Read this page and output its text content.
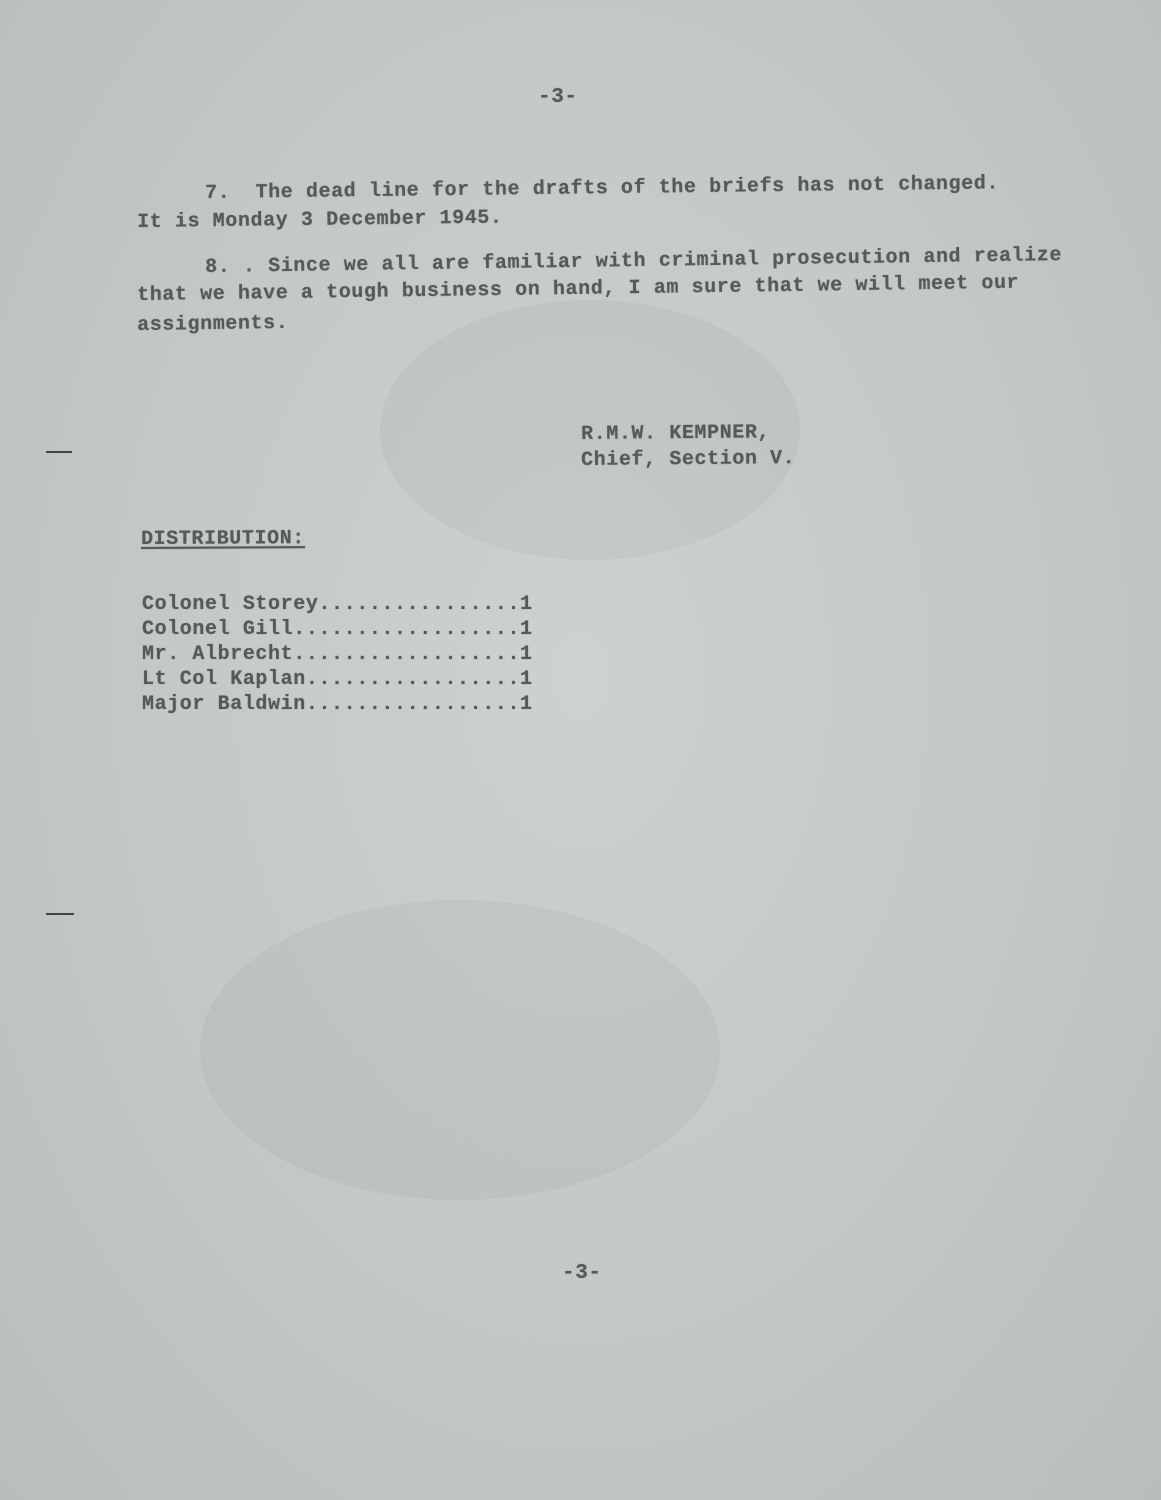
-3-
7.  The dead line for the drafts of the briefs has not changed.
It is Monday 3 December 1945.
8. . Since we all are familiar with criminal prosecution and realize
that we have a tough business on hand, I am sure that we will meet our
assignments.
R.M.W. KEMPNER,
Chief, Section V.
DISTRIBUTION:
Colonel Storey................1
Colonel Gill..................1
Mr. Albrecht..................1
Lt Col Kaplan.................1
Major Baldwin.................1
-3-
